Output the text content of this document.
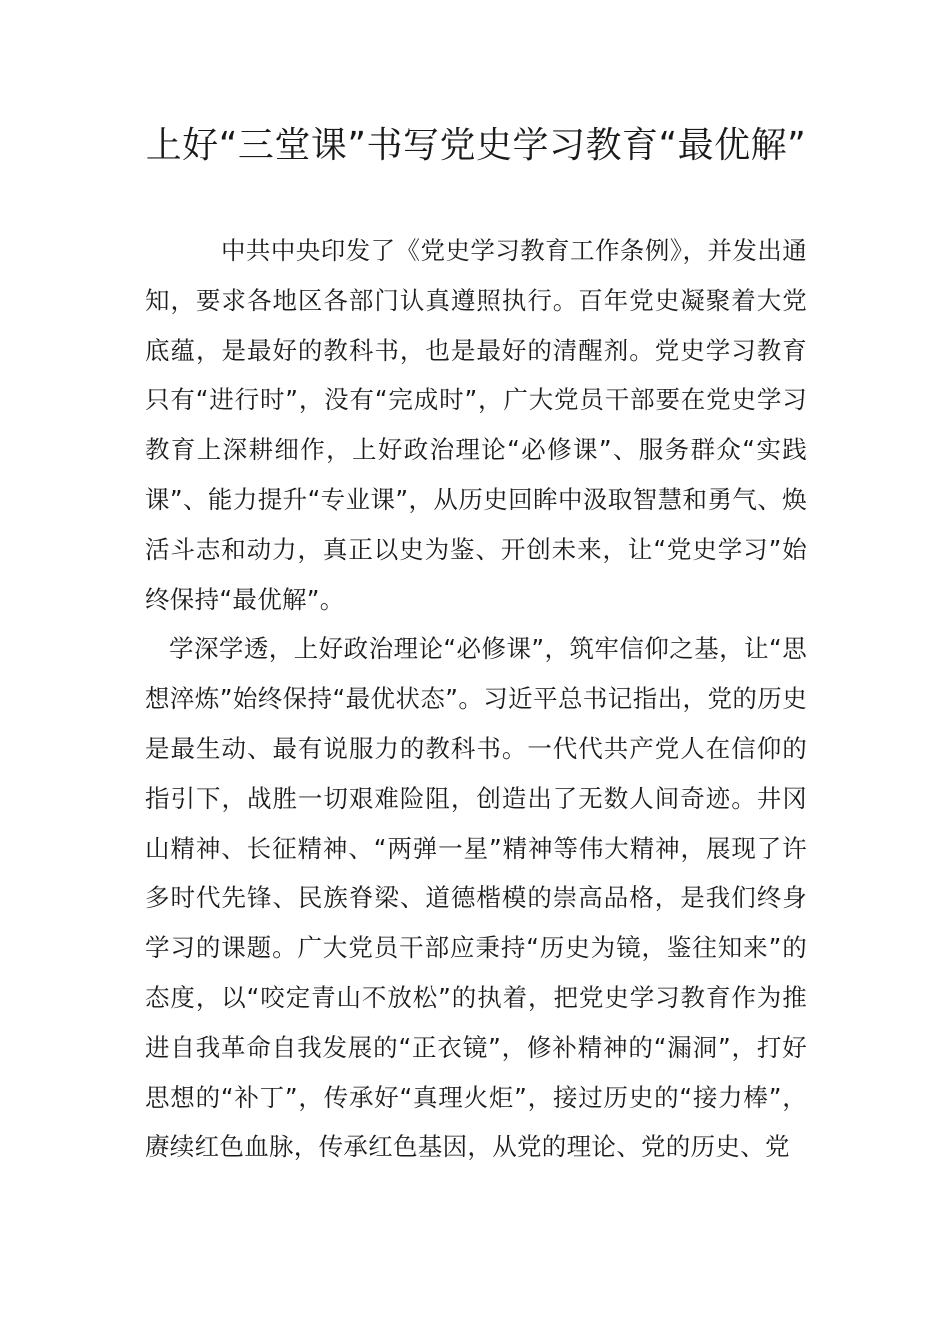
上好“三堂课”书写党史学习教育“最优解”

中共中央印发了《党史学习教育工作条例》，并发出通知，要求各地区各部门认真遵照执行。百年党史凝聚着大党底蕴，是最好的教科书，也是最好的清醒剂。党史学习教育只有“进行时”，没有“完成时”，广大党员干部要在党史学习教育上深耕细作，上好政治理论“必修课”、服务群众“实践课”、能力提升“专业课”，从历史回眸中汲取智慧和勇气、焕活斗志和动力，真正以史为鉴、开创未来，让“党史学习”始终保持“最优解”。

学深学透，上好政治理论“必修课”，筑牢信仰之基，让“思想淬炼”始终保持“最优状态”。习近平总书记指出，党的历史是最生动、最有说服力的教科书。一代代共产党人在信仰的指引下，战胜一切艰难险阻，创造出了无数人间奇迹。井冈山精神、长征精神、“两弹一星”精神等伟大精神，展现了许多时代先锋、民族脊梁、道德楷模的崇高品格，是我们终身学习的课题。广大党员干部应秉持“历史为镜，鉴往知来”的态度，以“咬定青山不放松”的执着，把党史学习教育作为推进自我革命自我发展的“正衣镜”，修补精神的“漏洞”，打好思想的“补丁”，传承好“真理火炬”，接过历史的“接力棒”，赓续红色血脉，传承红色基因，从党的理论、党的历史、党
